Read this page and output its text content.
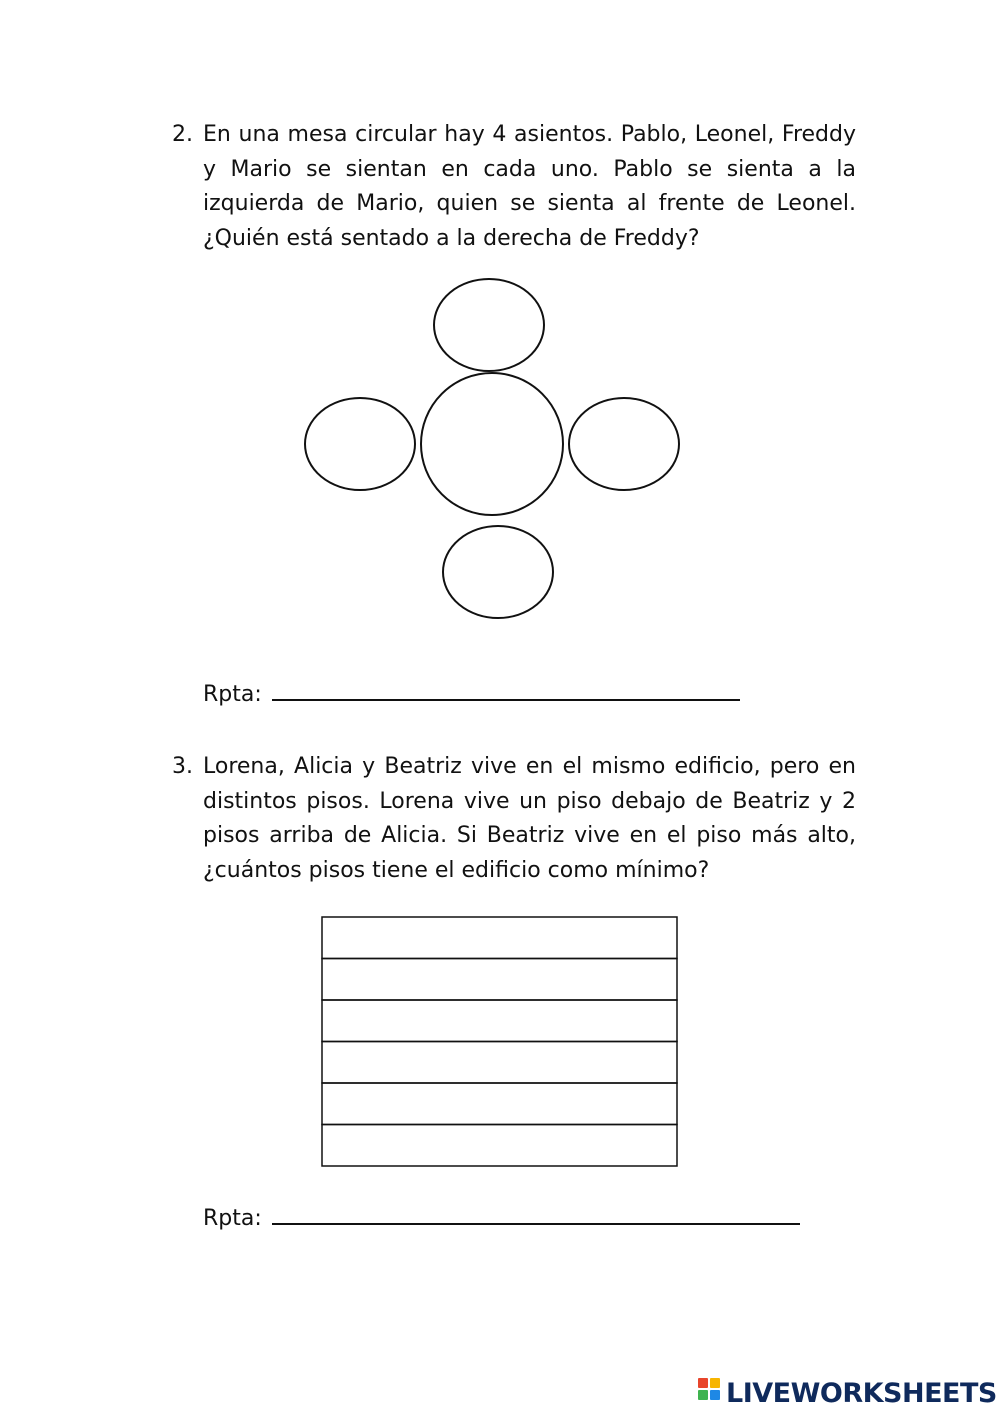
2. En una mesa circular hay 4 asientos. Pablo, Leonel, Freddy y Mario se sientan en cada uno. Pablo se sienta a la izquierda de Mario, quien se sienta al frente de Leonel. ¿Quién está sentado a la derecha de Freddy?
Rpta:
3. Lorena, Alicia y Beatriz vive en el mismo edificio, pero en distintos pisos. Lorena vive un piso debajo de Beatriz y 2 pisos arriba de Alicia. Si Beatriz vive en el piso más alto, ¿cuántos pisos tiene el edificio como mínimo?
Rpta:
LIVEWORKSHEETS
